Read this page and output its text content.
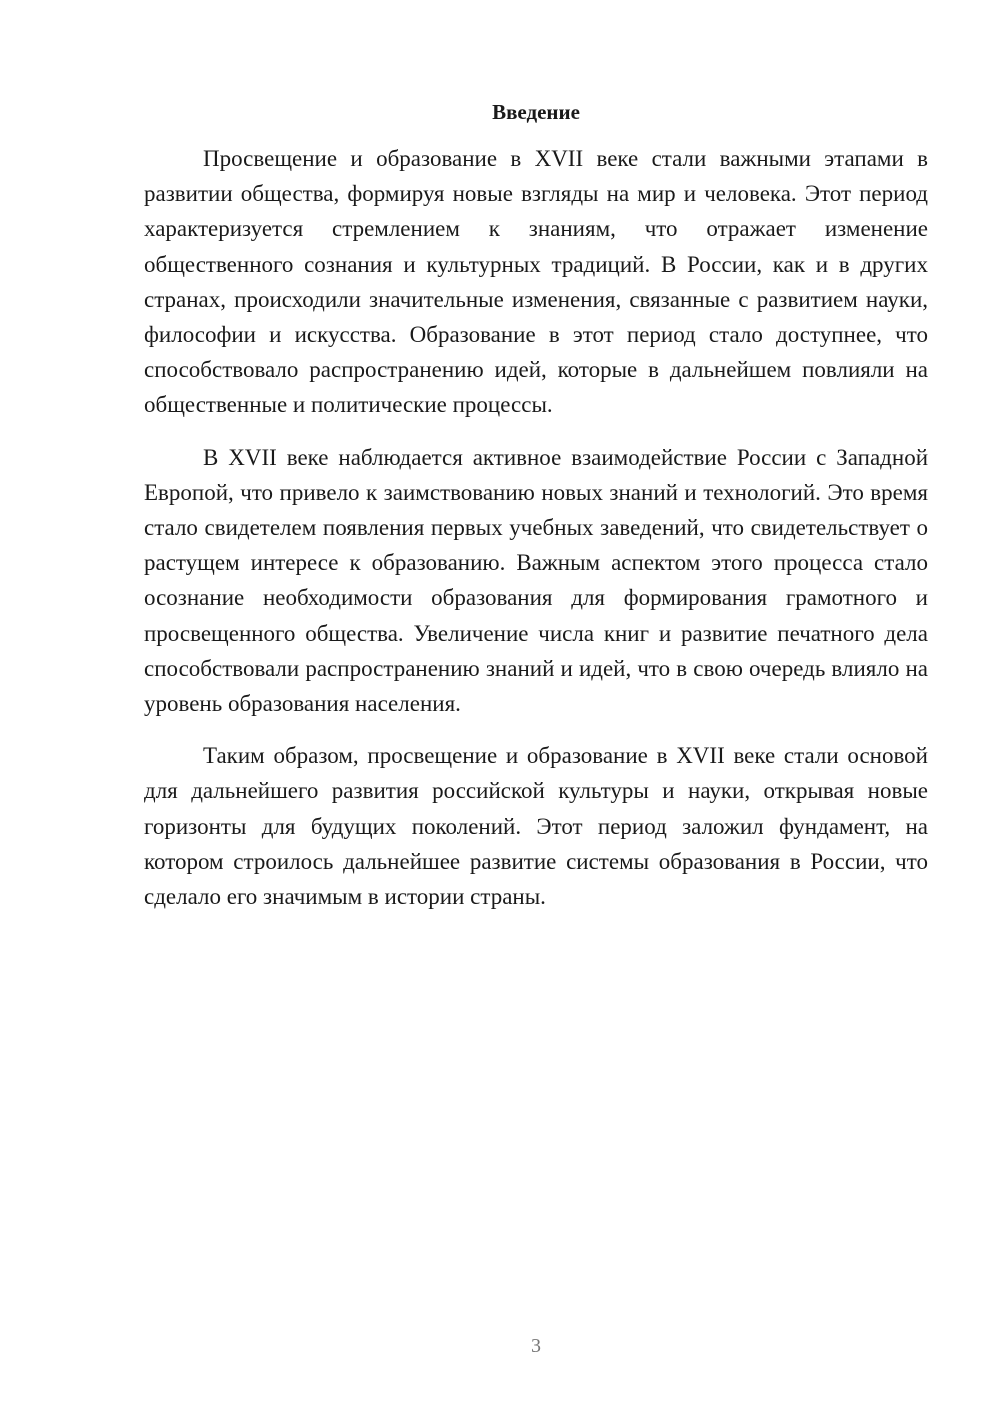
Введение

Просвещение и образование в XVII веке стали важными этапами в развитии общества, формируя новые взгляды на мир и человека. Этот период характеризуется стремлением к знаниям, что отражает изменение общественного сознания и культурных традиций. В России, как и в других странах, происходили значительные изменения, связанные с развитием науки, философии и искусства. Образование в этот период стало доступнее, что способствовало распространению идей, которые в дальнейшем повлияли на общественные и политические процессы.

В XVII веке наблюдается активное взаимодействие России с Западной Европой, что привело к заимствованию новых знаний и технологий. Это время стало свидетелем появления первых учебных заведений, что свидетельствует о растущем интересе к образованию. Важным аспектом этого процесса стало осознание необходимости образования для формирования грамотного и просвещенного общества. Увеличение числа книг и развитие печатного дела способствовали распространению знаний и идей, что в свою очередь влияло на уровень образования населения.

Таким образом, просвещение и образование в XVII веке стали основой для дальнейшего развития российской культуры и науки, открывая новые горизонты для будущих поколений. Этот период заложил фундамент, на котором строилось дальнейшее развитие системы образования в России, что сделало его значимым в истории страны.

3
